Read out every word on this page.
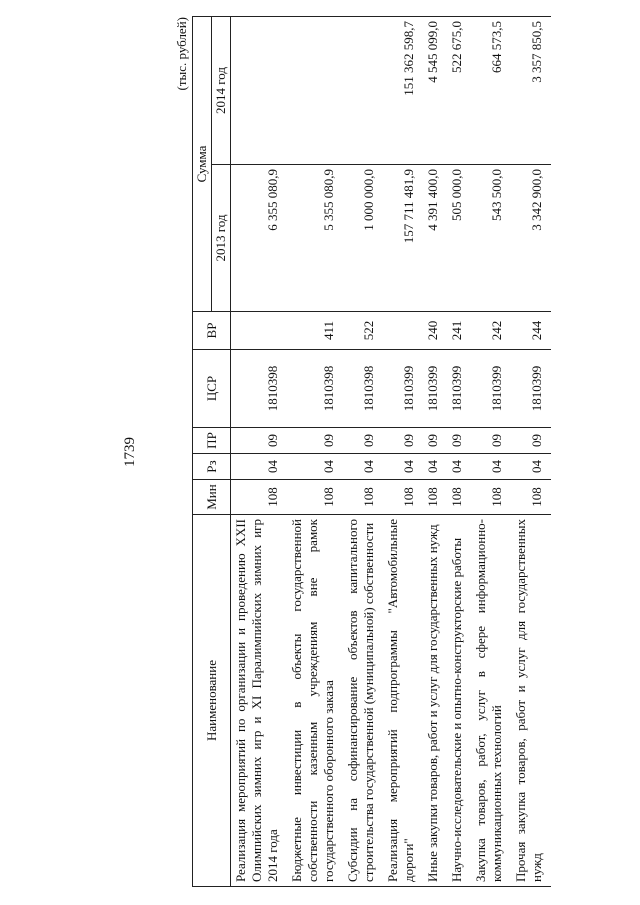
1739
(тыс. рублей)
Наименование	Мин	Рз	ПР	ЦСР	ВР	Сумма	
						2013 год	2014 год
Реализация мероприятий по организации и проведению XXII Олимпийских зимних игр и XI Паралимпийских зимних игр 2014 года	108	04	09	1810398		6 355 080,9	
Бюджетные инвестиции в объекты государственной собственности казенным учреждениям вне рамок государственного оборонного заказа	108	04	09	1810398	411	5 355 080,9	
Субсидии на софинансирование объектов капитального строительства государственной (муниципальной) собственности	108	04	09	1810398	522	1 000 000,0	
Реализация мероприятий подпрограммы "Автомобильные дороги"	108	04	09	1810399		157 711 481,9	151 362 598,7
Иные закупки товаров, работ и услуг для государственных нужд	108	04	09	1810399	240	4 391 400,0	4 545 099,0
Научно-исследовательские и опытно-конструкторские работы	108	04	09	1810399	241	505 000,0	522 675,0
Закупка товаров, работ, услуг в сфере информационно-коммуникационных технологий	108	04	09	1810399	242	543 500,0	664 573,5
Прочая закупка товаров, работ и услуг для государственных нужд	108	04	09	1810399	244	3 342 900,0	3 357 850,5
